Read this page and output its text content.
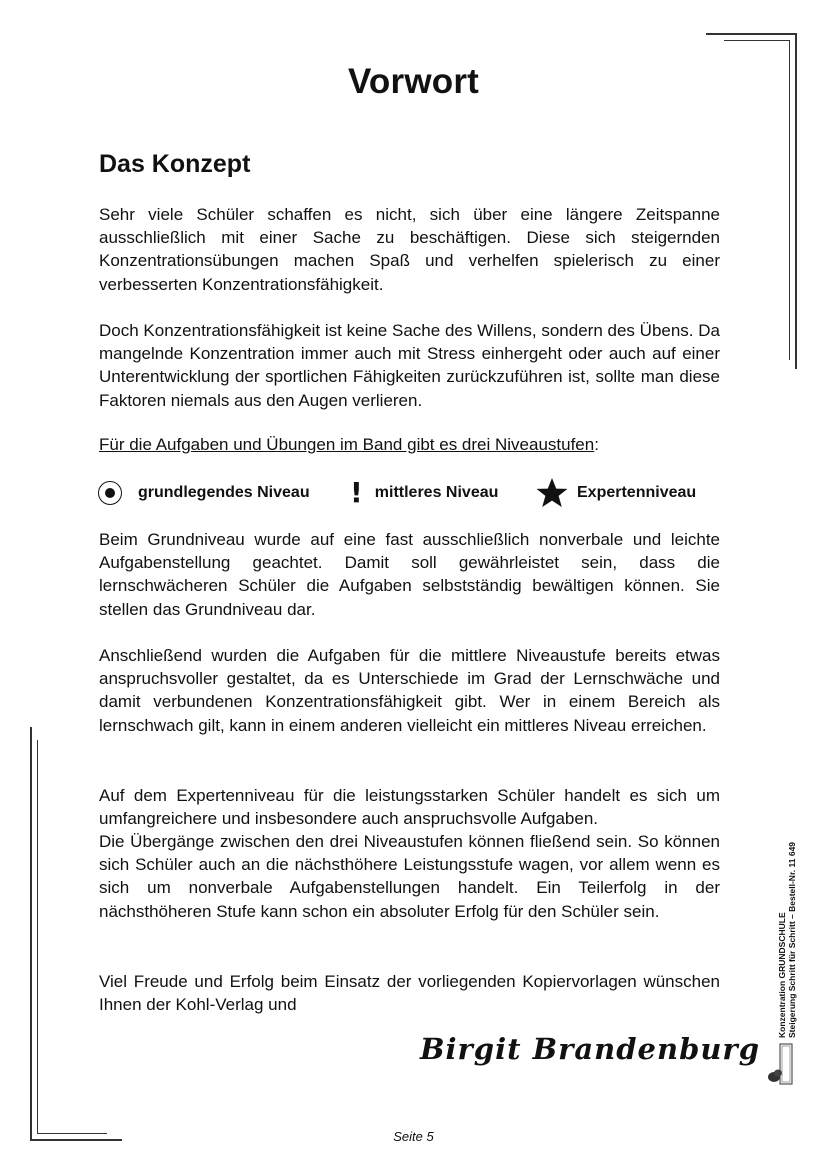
Vorwort
Das Konzept

Sehr viele Schüler schaffen es nicht, sich über eine längere Zeitspanne ausschließlich mit einer Sache zu beschäftigen. Diese sich steigernden Konzentrationsübungen machen Spaß und verhelfen spielerisch zu einer verbesserten Konzentrationsfähigkeit.

Doch Konzentrationsfähigkeit ist keine Sache des Willens, sondern des Übens. Da mangelnde Konzentration immer auch mit Stress einhergeht oder auch auf einer Unterentwicklung der sportlichen Fähigkeiten zurückzuführen ist, sollte man diese Faktoren niemals aus den Augen verlieren.

Für die Aufgaben und Übungen im Band gibt es drei Niveaustufen:

grundlegendes Niveau ! mittleres Niveau	Expertenniveau

Beim Grundniveau wurde auf eine fast ausschließlich nonverbale und leichte Aufgabenstellung geachtet. Damit soll gewährleistet sein, dass die lernschwächeren Schüler die Aufgaben selbstständig bewältigen können. Sie stellen das Grundniveau dar.

Anschließend wurden die Aufgaben für die mittlere Niveaustufe bereits etwas anspruchsvoller gestaltet, da es Unterschiede im Grad der Lernschwäche und damit verbundenen Konzentrationsfähigkeit gibt. Wer in einem Bereich als lernschwach gilt, kann in einem anderen vielleicht ein mittleres Niveau erreichen.

Auf dem Expertenniveau für die leistungsstarken Schüler handelt es sich um umfangreichere und insbesondere auch anspruchsvolle Aufgaben.

Die Übergänge zwischen den drei Niveaustufen können fließend sein. So können sich Schüler auch an die nächsthöhere Leistungsstufe wagen, vor allem wenn es sich um nonverbale Aufgabenstellungen handelt. Ein Teilerfolg in der nächsthöheren Stufe kann schon ein absoluter Erfolg für den Schüler sein.

Viel Freude und Erfolg beim Einsatz der vorliegenden Kopiervorlagen wünschen Ihnen der Kohl-Verlag und

Birgit Brandenburg

Seite 5

Konzentration GRUNDSCHULE Steigerung Schritt für Schritt – Bestell-Nr. 11 649
